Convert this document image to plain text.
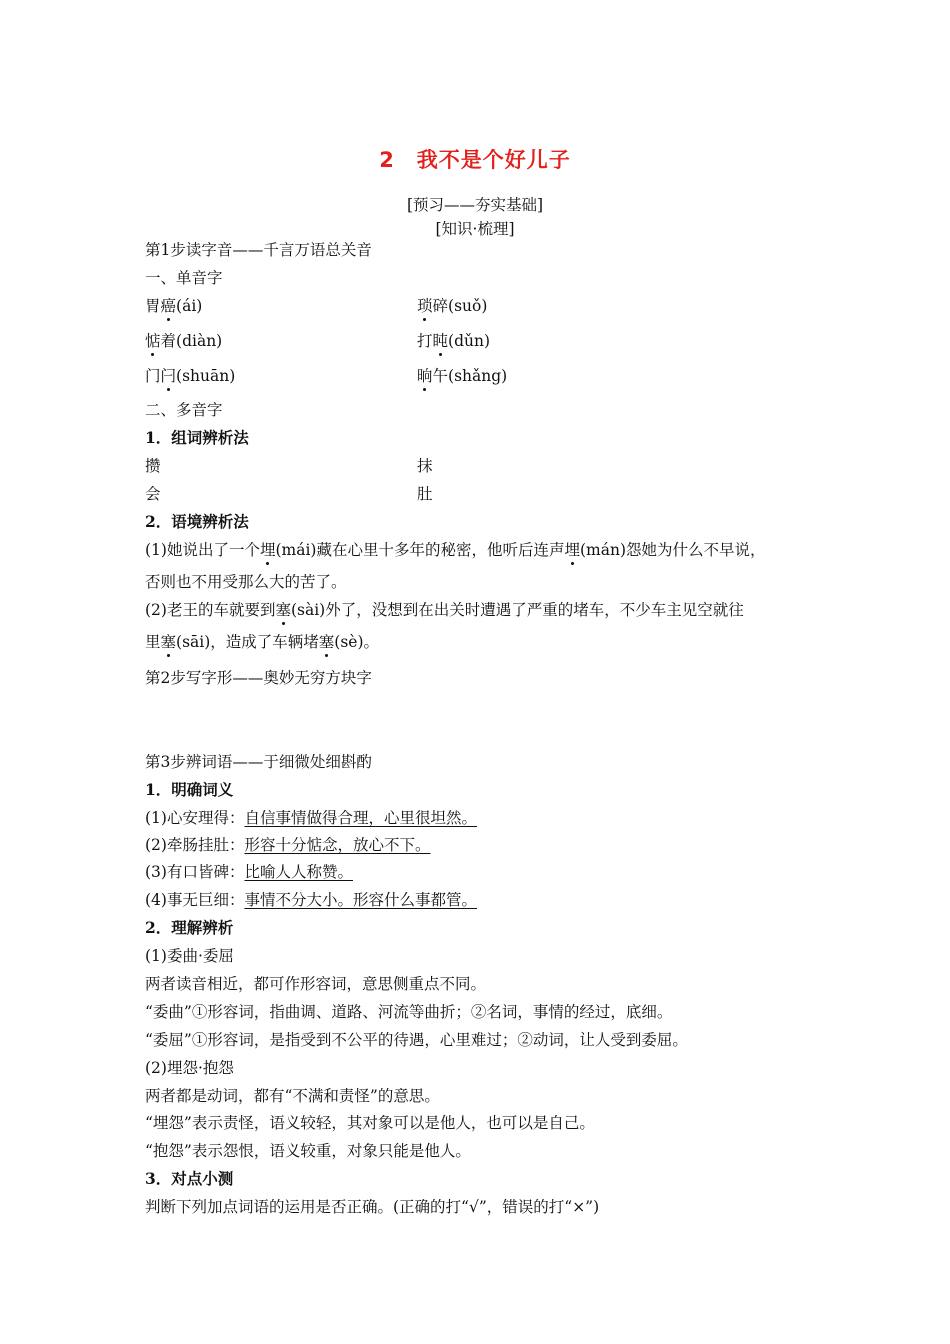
2　我不是个好儿子
[预习——夯实基础]
[知识·梳理]
第1步读字音——千言万语总关音
一、单音字
胃癌(ái)	琐碎(suǒ)
惦着(diàn)	打盹(dǔn)
门闩(shuān)	晌午(shǎng)
二、多音字
1．组词辨析法
攒	抹
会	肚
2．语境辨析法
(1)她说出了一个埋(mái)藏在心里十多年的秘密，他听后连声埋(mán)怨她为什么不早说，
否则也不用受那么大的苦了。
(2)老王的车就要到塞(sài)外了，没想到在出关时遭遇了严重的堵车，不少车主见空就往
里塞(sāi)，造成了车辆堵塞(sè)。
第2步写字形——奥妙无穷方块字
第3步辨词语——于细微处细斟酌
1．明确词义
(1)心安理得：自信事情做得合理，心里很坦然。
(2)牵肠挂肚：形容十分惦念，放心不下。
(3)有口皆碑：比喻人人称赞。
(4)事无巨细：事情不分大小。形容什么事都管。
2．理解辨析
(1)委曲·委屈
两者读音相近，都可作形容词，意思侧重点不同。
“委曲”①形容词，指曲调、道路、河流等曲折；②名词，事情的经过，底细。
“委屈”①形容词，是指受到不公平的待遇，心里难过；②动词，让人受到委屈。
(2)埋怨·抱怨
两者都是动词，都有“不满和责怪”的意思。
“埋怨”表示责怪，语义较轻，其对象可以是他人，也可以是自己。
“抱怨”表示怨恨，语义较重，对象只能是他人。
3．对点小测
判断下列加点词语的运用是否正确。(正确的打“√”，错误的打“×”)
